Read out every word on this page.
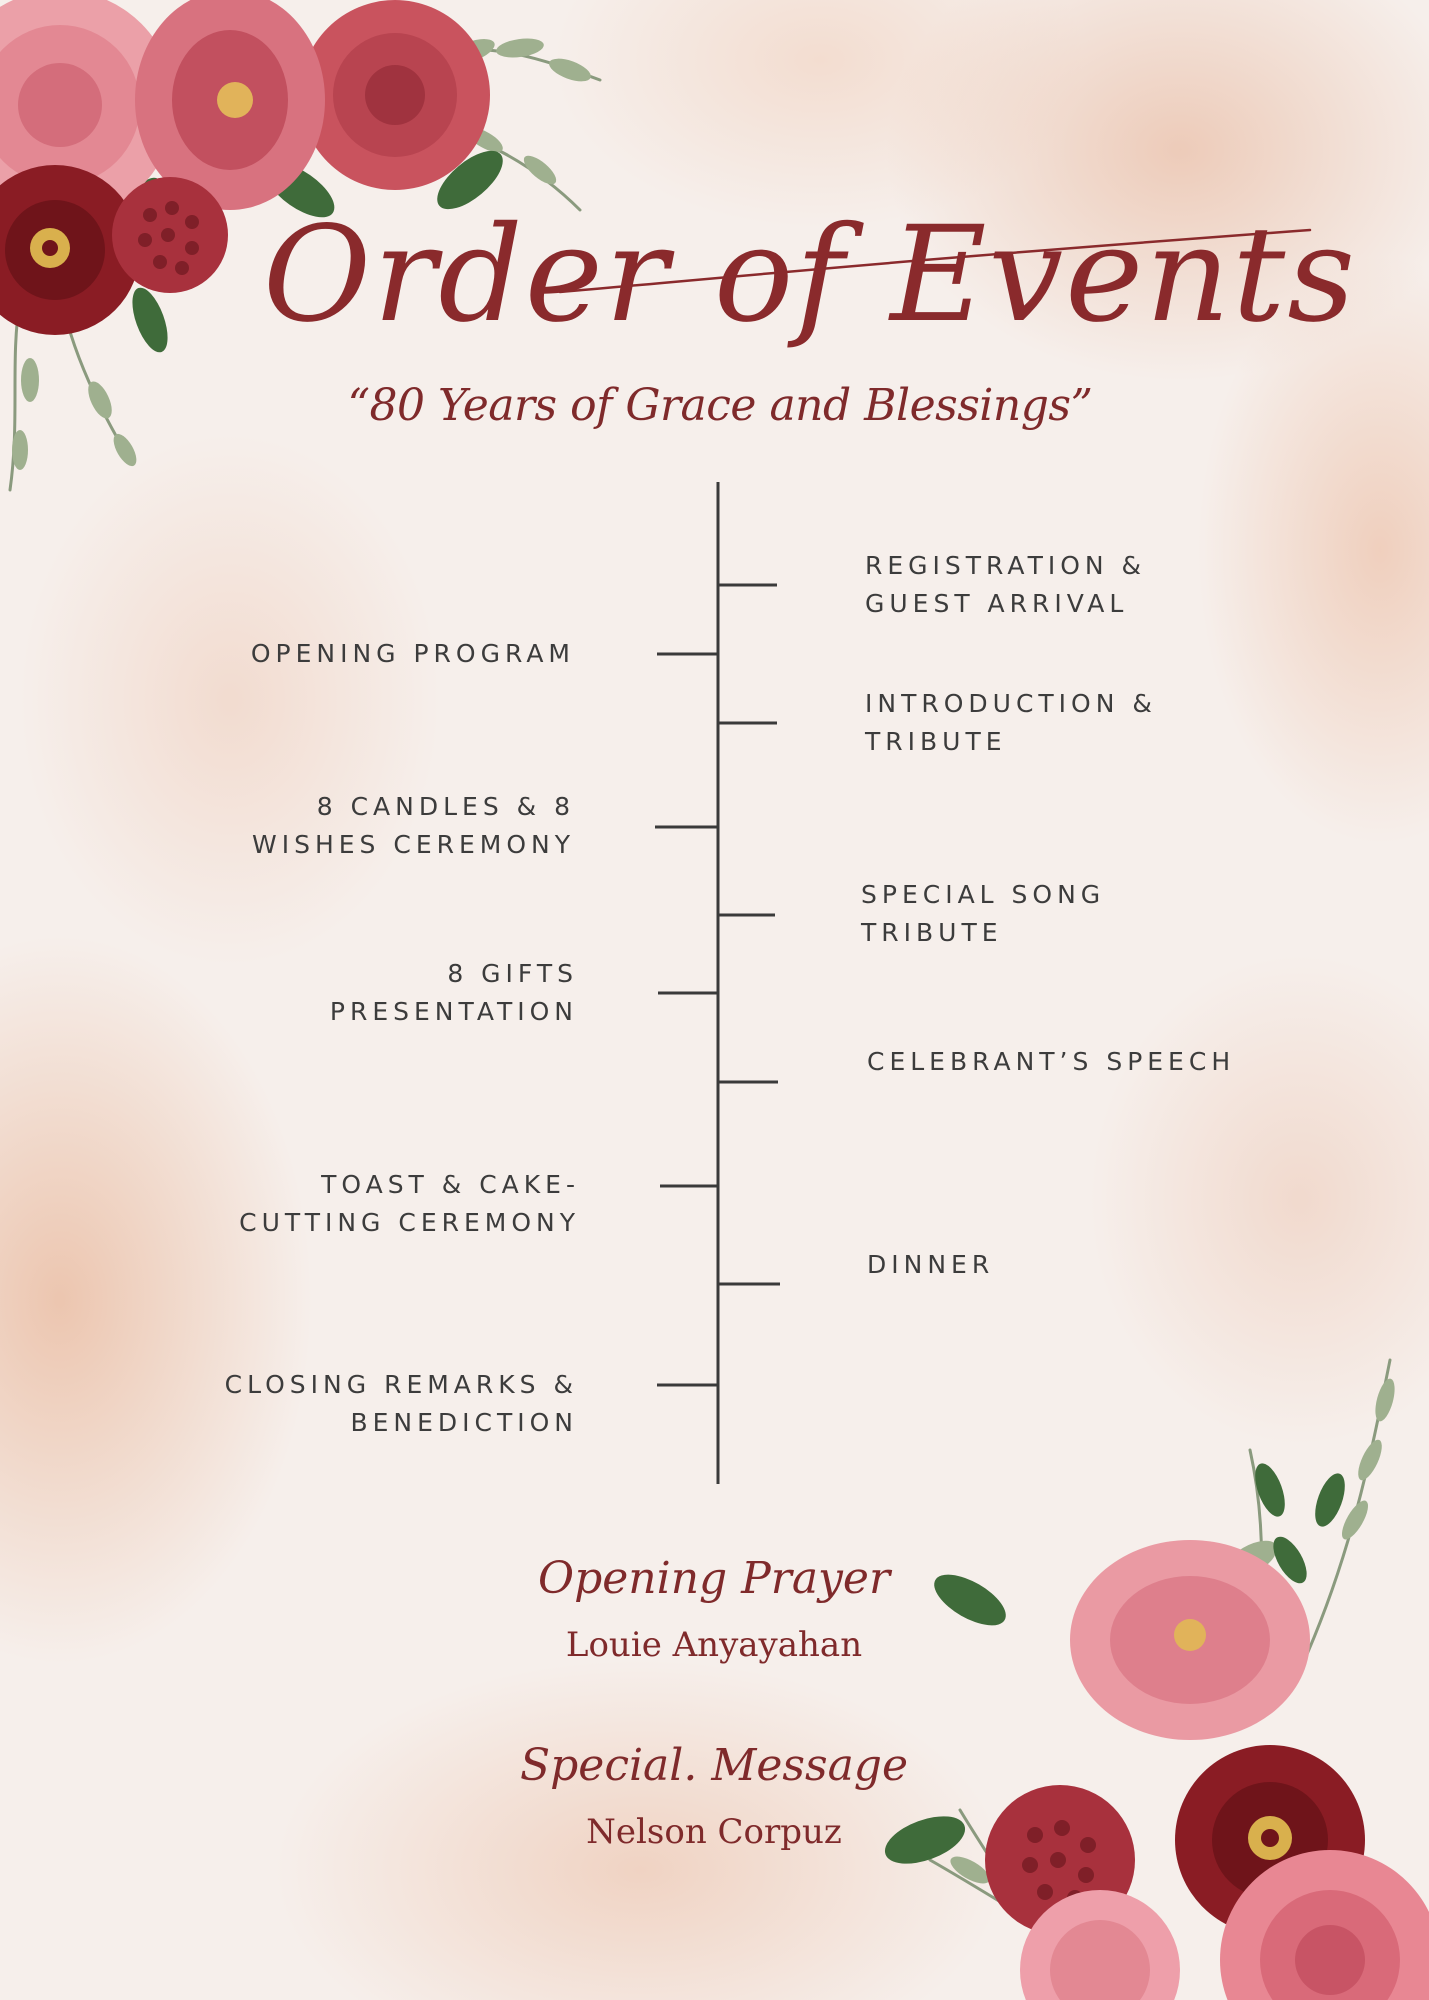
Order of Events
“80 Years of Grace and Blessings”
REGISTRATION &
GUEST ARRIVAL
INTRODUCTION &
TRIBUTE
SPECIAL SONG
TRIBUTE
CELEBRANT’S SPEECH
DINNER
OPENING PROGRAM
8 CANDLES & 8
WISHES CEREMONY
8 GIFTS
PRESENTATION
TOAST & CAKE-
CUTTING CEREMONY
CLOSING REMARKS &
BENEDICTION
Opening Prayer
Louie Anyayahan
Special. Message
Nelson Corpuz
